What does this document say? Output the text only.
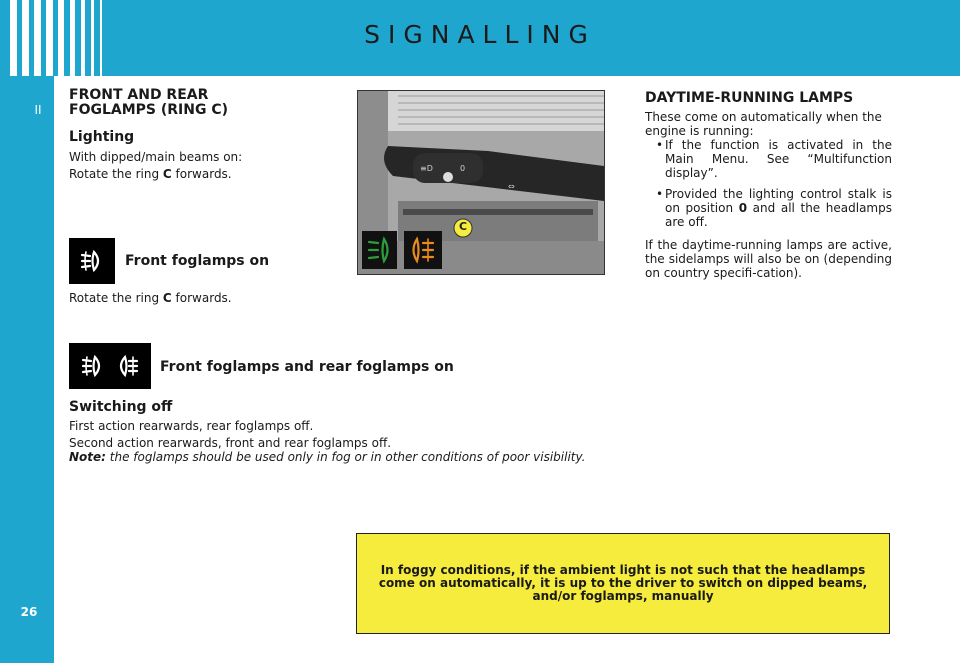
SIGNALLING
II
26
FRONT AND REAR FOGLAMPS (RING C)
Lighting
With dipped/main beams on:
Rotate the ring C forwards.
Front foglamps on
Rotate the ring C forwards.
Front foglamps and rear foglamps on
Switching off
First action rearwards, rear foglamps off.
Second action rearwards, front and rear foglamps off.
Note: the foglamps should be used only in fog or in other conditions of poor visibility.
≡D	0
⇔
C
DAYTIME-RUNNING LAMPS
These come on automatically when the engine is running:
• If the function is activated in the Main Menu. See “Multifunction display”.
• Provided the lighting control stalk is on position 0 and all the headlamps are off.
If the daytime-running lamps are active, the sidelamps will also be on (depending on country specifi-cation).
In foggy conditions, if the ambient light is not such that the headlamps come on automatically, it is up to the driver to switch on dipped beams, and/or foglamps, manually
